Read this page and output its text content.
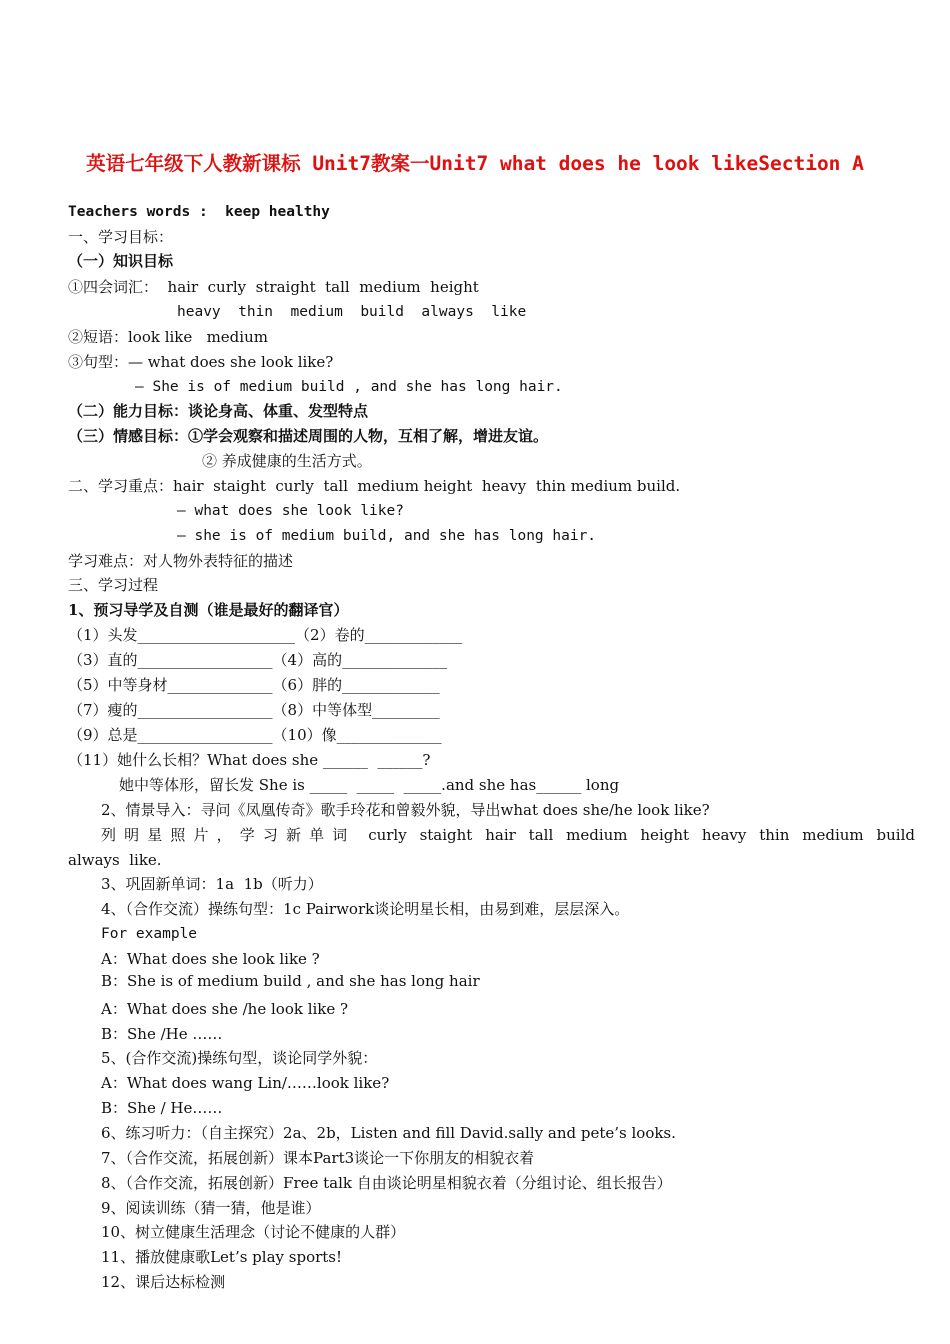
英语七年级下人教新课标 Unit7教案一Unit7 what does he look likeSection A
Teachers words :  keep healthy
一、学习目标：
（一）知识目标
①四会词汇：  hair  curly  straight  tall  medium  height
heavy  thin  medium  build  always  like
②短语：look like   medium
③句型：— what does she look like?
— She is of medium build , and she has long hair.
（二）能力目标：谈论身高、体重、发型特点
（三）情感目标：①学会观察和描述周围的人物，互相了解，增进友谊。
② 养成健康的生活方式。
二、学习重点：hair  staight  curly  tall  medium height  heavy  thin medium build.
— what does she look like?
— she is of medium build, and she has long hair.
学习难点：对人物外表特征的描述
三、学习过程
1、预习导学及自测（谁是最好的翻译官）
（1）头发_____________________（2）卷的_____________
（3）直的__________________（4）高的______________
（5）中等身材______________（6）胖的_____________
（7）瘦的__________________（8）中等体型_________
（9）总是__________________（10）像______________
（11）她什么长相？What does she ______  ______?
她中等体形，留长发 She is _____  _____  _____.and she has______ long
2、情景导入：寻问《凤凰传奇》歌手玲花和曾毅外貌，导出what does she/he look like?
列明星照片，学习新单词 curly staight hair tall medium height heavy thin medium build
always  like.
3、巩固新单词：1a  1b（听力）
4、（合作交流）操练句型：1c Pairwork谈论明星长相，由易到难，层层深入。
For example
A：What does she look like ?
B：She is of medium build , and she has long hair
A：What does she /he look like ?
B：She /He ……
5、(合作交流)操练句型，谈论同学外貌：
A：What does wang Lin/……look like?
B：She / He……
6、练习听力：（自主探究）2a、2b，Listen and fill David.sally and pete’s looks.
7、（合作交流，拓展创新）课本Part3谈论一下你朋友的相貌衣着
8、（合作交流，拓展创新）Free talk 自由谈论明星相貌衣着（分组讨论、组长报告）
9、阅读训练（猜一猜，他是谁）
10、树立健康生活理念（讨论不健康的人群）
11、播放健康歌Let’s play sports!
12、课后达标检测
